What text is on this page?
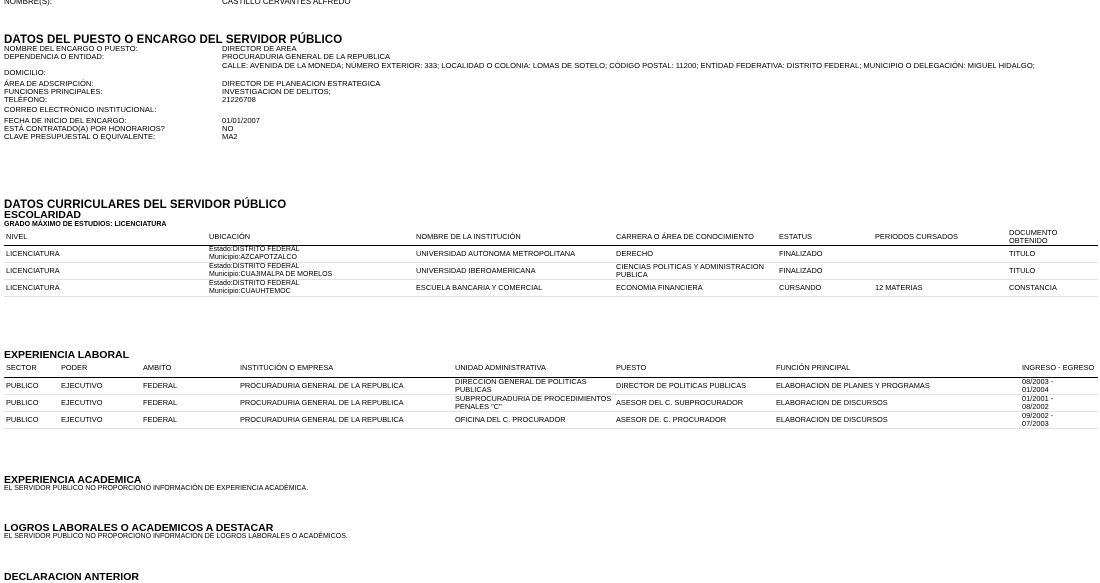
NOMBRE(S):	CASTILLO CERVANTES ALFREDO
DATOS DEL PUESTO O ENCARGO DEL SERVIDOR PÚBLICO
NOMBRE DEL ENCARGO O PUESTO:	DIRECTOR DE AREA
DEPENDENCIA O ENTIDAD:	PROCURADURIA GENERAL DE LA REPUBLICA
DOMICILIO:
CALLE: AVENIDA DE LA MONEDA; NÚMERO EXTERIOR: 333; LOCALIDAD O COLONIA: LOMAS DE SOTELO; CÓDIGO POSTAL: 11200; ENTIDAD FEDERATIVA: DISTRITO FEDERAL; MUNICIPIO O DELEGACIÓN: MIGUEL HIDALGO;
ÁREA DE ADSCRIPCIÓN:	DIRECTOR DE PLANEACION ESTRATEGICA
FUNCIONES PRINCIPALES:	INVESTIGACION DE DELITOS;
TELÉFONO:	21226708
CORREO ELECTRÓNICO INSTITUCIONAL:
FECHA DE INICIO DEL ENCARGO:	01/01/2007
ESTÁ CONTRATADO(A) POR HONORARIOS?	NO
CLAVE PRESUPUESTAL O EQUIVALENTE:	MA2
DATOS CURRICULARES DEL SERVIDOR PÚBLICO
ESCOLARIDAD
GRADO MÁXIMO DE ESTUDIOS: LICENCIATURA
NIVEL	UBICACIÓN	NOMBRE DE LA INSTITUCIÓN	CARRERA O ÁREA DE CONOCIMIENTO	ESTATUS	PERIODOS CURSADOS	DOCUMENTO OBTENIDO
LICENCIATURA	Estado:DISTRITO FEDERAL
Municipio:AZCAPOTZALCO	UNIVERSIDAD AUTONOMA METROPOLITANA	DERECHO	FINALIZADO		TITULO
LICENCIATURA	Estado:DISTRITO FEDERAL
Municipio:CUAJIMALPA DE MORELOS	UNIVERSIDAD IBEROAMERICANA	CIENCIAS POLITICAS Y ADMINISTRACION PUBLICA	FINALIZADO		TITULO
LICENCIATURA	Estado:DISTRITO FEDERAL
Municipio:CUAUHTEMOC	ESCUELA BANCARIA Y COMERCIAL	ECONOMIA FINANCIERA	CURSANDO	12 MATERIAS	CONSTANCIA
EXPERIENCIA LABORAL
SECTOR	PODER	AMBITO	INSTITUCIÓN O EMPRESA	UNIDAD ADMINISTRATIVA	PUESTO	FUNCIÓN PRINCIPAL	INGRESO - EGRESO
PUBLICO	EJECUTIVO	FEDERAL	PROCURADURIA GENERAL DE LA REPUBLICA	DIRECCION GENERAL DE POLITICAS PUBLICAS	DIRECTOR DE POLITICAS PUBLICAS	ELABORACION DE PLANES Y PROGRAMAS	08/2003 -
01/2004
PUBLICO	EJECUTIVO	FEDERAL	PROCURADURIA GENERAL DE LA REPUBLICA	SUBPROCURADURIA DE PROCEDIMIENTOS PENALES "C"	ASESOR DEL C. SUBPROCURADOR	ELABORACION DE DISCURSOS	01/2001 -
08/2002
PUBLICO	EJECUTIVO	FEDERAL	PROCURADURIA GENERAL DE LA REPUBLICA	OFICINA DEL C. PROCURADOR	ASESOR DE. C. PROCURADOR	ELABORACION DE DISCURSOS	09/2002 -
07/2003
EXPERIENCIA ACADEMICA
EL SERVIDOR PÚBLICO NO PROPORCIONÓ INFORMACIÓN DE EXPERIENCIA ACADÉMICA.
LOGROS LABORALES O ACADEMICOS A DESTACAR
EL SERVIDOR PÚBLICO NO PROPORCIONÓ INFORMACIÓN DE LOGROS LABORALES O ACADÉMICOS.
DECLARACION ANTERIOR
